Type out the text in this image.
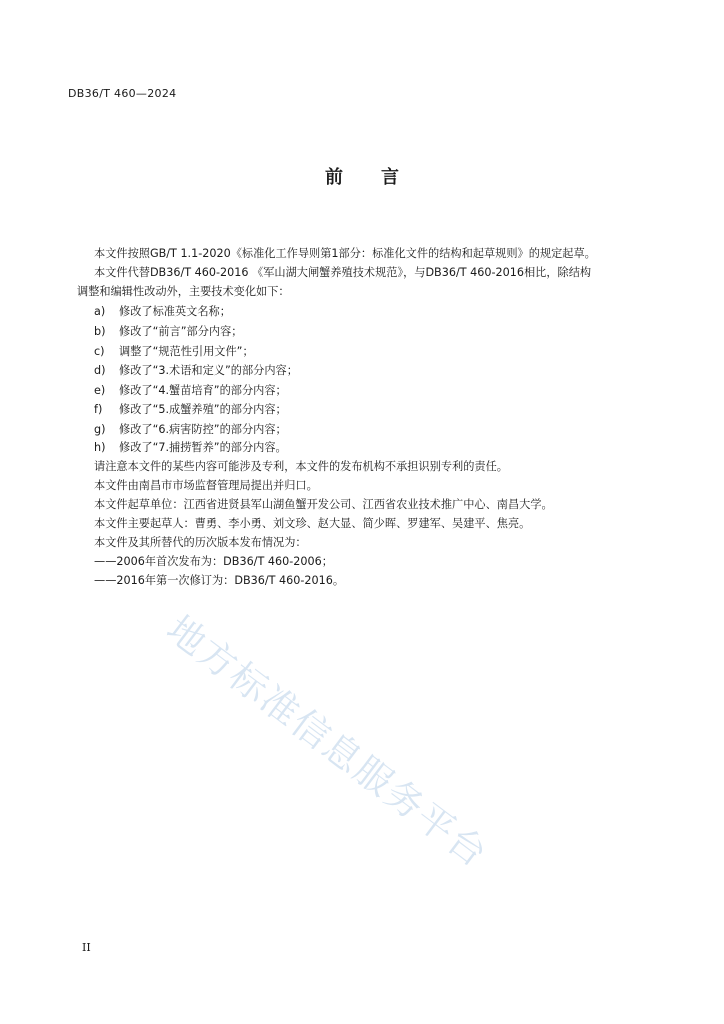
DB36/T 460—2024
前 言
本文件按照GB/T 1.1-2020《标准化工作导则第1部分：标准化文件的结构和起草规则》的规定起草。
本文件代替DB36/T 460-2016 《军山湖大闸蟹养殖技术规范》，与DB36/T 460-2016相比，除结构
调整和编辑性改动外，主要技术变化如下：
a) 修改了标准英文名称；
b) 修改了“前言”部分内容；
c) 调整了“规范性引用文件”；
d) 修改了“3.术语和定义”的部分内容；
e) 修改了“4.蟹苗培育”的部分内容；
f) 修改了“5.成蟹养殖”的部分内容；
g) 修改了“6.病害防控”的部分内容；
h) 修改了“7.捕捞暂养”的部分内容。
请注意本文件的某些内容可能涉及专利，本文件的发布机构不承担识别专利的责任。
本文件由南昌市市场监督管理局提出并归口。
本文件起草单位：江西省进贤县军山湖鱼蟹开发公司、江西省农业技术推广中心、南昌大学。
本文件主要起草人：曹勇、李小勇、刘文珍、赵大显、简少晖、罗建军、吴建平、焦亮。
本文件及其所替代的历次版本发布情况为：
——2006年首次发布为：DB36/T 460-2006；
——2016年第一次修订为：DB36/T 460-2016。
地方标准信息服务平台
II
